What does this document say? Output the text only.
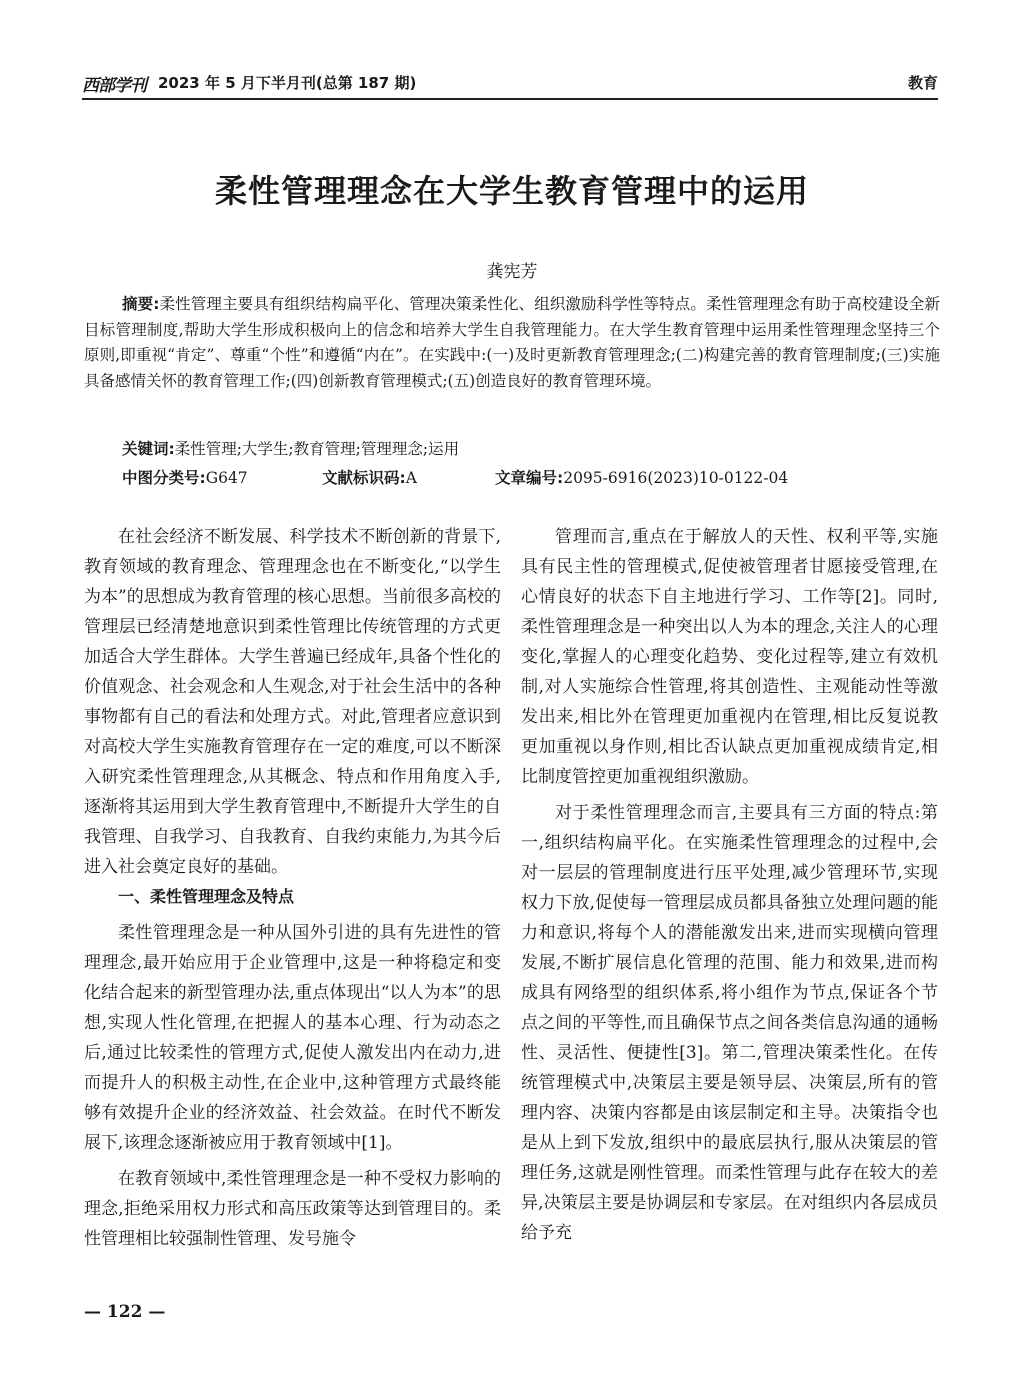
西部学刊 2023 年 5 月下半月刊(总第 187 期)	教育
柔性管理理念在大学生教育管理中的运用
龚宪芳
摘要:柔性管理主要具有组织结构扁平化、管理决策柔性化、组织激励科学性等特点。柔性管理理念有助于高校建设全新目标管理制度,帮助大学生形成积极向上的信念和培养大学生自我管理能力。在大学生教育管理中运用柔性管理理念坚持三个原则,即重视“肯定”、尊重“个性”和遵循“内在”。在实践中:(一)及时更新教育管理理念;(二)构建完善的教育管理制度;(三)实施具备感情关怀的教育管理工作;(四)创新教育管理模式;(五)创造良好的教育管理环境。
关键词:柔性管理;大学生;教育管理;管理理念;运用
中图分类号:G647	文献标识码:A	文章编号:2095-6916(2023)10-0122-04

在社会经济不断发展、科学技术不断创新的背景下,教育领域的教育理念、管理理念也在不断变化,“以学生为本”的思想成为教育管理的核心思想。当前很多高校的管理层已经清楚地意识到柔性管理比传统管理的方式更加适合大学生群体。大学生普遍已经成年,具备个性化的价值观念、社会观念和人生观念,对于社会生活中的各种事物都有自己的看法和处理方式。对此,管理者应意识到对高校大学生实施教育管理存在一定的难度,可以不断深入研究柔性管理理念,从其概念、特点和作用角度入手,逐渐将其运用到大学生教育管理中,不断提升大学生的自我管理、自我学习、自我教育、自我约束能力,为其今后进入社会奠定良好的基础。

一、柔性管理理念及特点

柔性管理理念是一种从国外引进的具有先进性的管理理念,最开始应用于企业管理中,这是一种将稳定和变化结合起来的新型管理办法,重点体现出“以人为本”的思想,实现人性化管理,在把握人的基本心理、行为动态之后,通过比较柔性的管理方式,促使人激发出内在动力,进而提升人的积极主动性,在企业中,这种管理方式最终能够有效提升企业的经济效益、社会效益。在时代不断发展下,该理念逐渐被应用于教育领域中[1]。

在教育领域中,柔性管理理念是一种不受权力影响的理念,拒绝采用权力形式和高压政策等达到管理目的。柔性管理相比较强制性管理、发号施令

管理而言,重点在于解放人的天性、权利平等,实施具有民主性的管理模式,促使被管理者甘愿接受管理,在心情良好的状态下自主地进行学习、工作等[2]。同时,柔性管理理念是一种突出以人为本的理念,关注人的心理变化,掌握人的心理变化趋势、变化过程等,建立有效机制,对人实施综合性管理,将其创造性、主观能动性等激发出来,相比外在管理更加重视内在管理,相比反复说教更加重视以身作则,相比否认缺点更加重视成绩肯定,相比制度管控更加重视组织激励。

对于柔性管理理念而言,主要具有三方面的特点:第一,组织结构扁平化。在实施柔性管理理念的过程中,会对一层层的管理制度进行压平处理,减少管理环节,实现权力下放,促使每一管理层成员都具备独立处理问题的能力和意识,将每个人的潜能激发出来,进而实现横向管理发展,不断扩展信息化管理的范围、能力和效果,进而构成具有网络型的组织体系,将小组作为节点,保证各个节点之间的平等性,而且确保节点之间各类信息沟通的通畅性、灵活性、便捷性[3]。第二,管理决策柔性化。在传统管理模式中,决策层主要是领导层、决策层,所有的管理内容、决策内容都是由该层制定和主导。决策指令也是从上到下发放,组织中的最底层执行,服从决策层的管理任务,这就是刚性管理。而柔性管理与此存在较大的差异,决策层主要是协调层和专家层。在对组织内各层成员给予充

— 122 —
